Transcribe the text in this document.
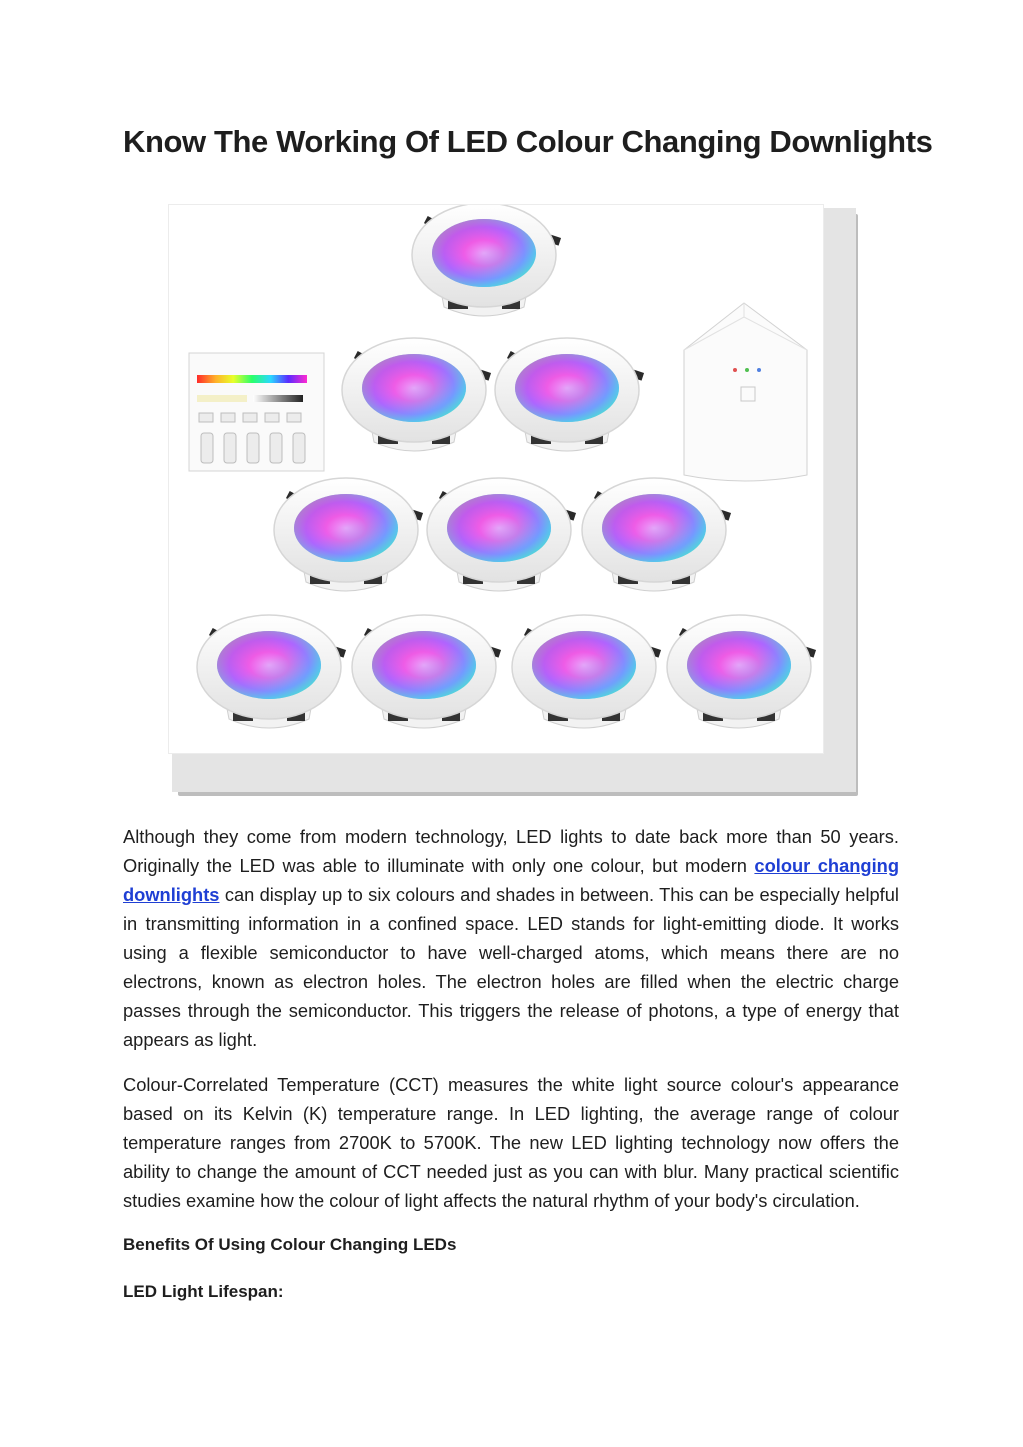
Know The Working Of LED Colour Changing Downlights

Although they come from modern technology, LED lights to date back more than 50 years. Originally the LED was able to illuminate with only one colour, but modern colour changing downlights can display up to six colours and shades in between. This can be especially helpful in transmitting information in a confined space. LED stands for light-emitting diode. It works using a flexible semiconductor to have well-charged atoms, which means there are no electrons, known as electron holes. The electron holes are filled when the electric charge passes through the semiconductor. This triggers the release of photons, a type of energy that appears as light.

Colour-Correlated Temperature (CCT) measures the white light source colour's appearance based on its Kelvin (K) temperature range. In LED lighting, the average range of colour temperature ranges from 2700K to 5700K. The new LED lighting technology now offers the ability to change the amount of CCT needed just as you can with blur. Many practical scientific studies examine how the colour of light affects the natural rhythm of your body's circulation.

Benefits Of Using Colour Changing LEDs
LED Light Lifespan:
